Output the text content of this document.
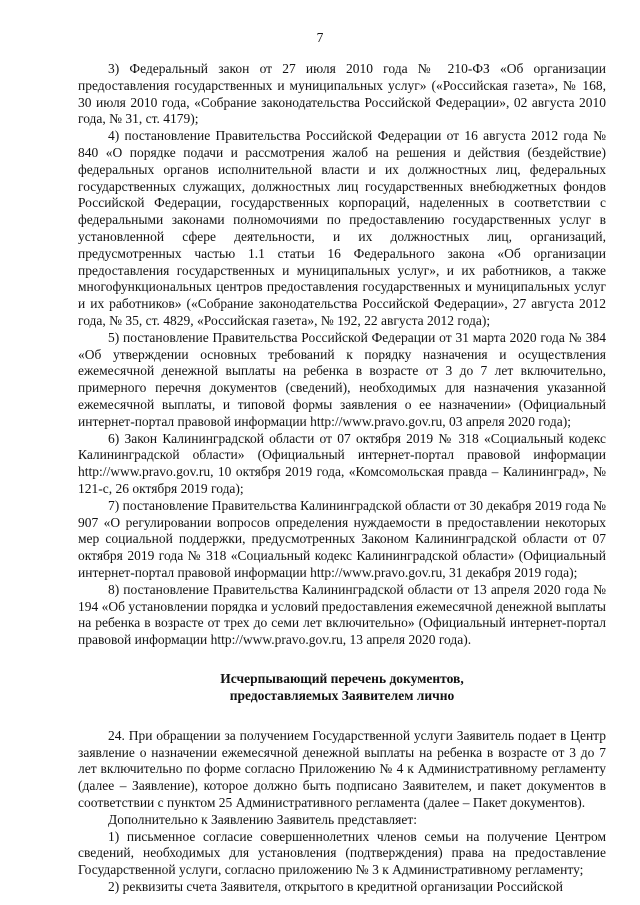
7

3) Федеральный закон от 27 июля 2010 года № 210-ФЗ «Об организации предоставления государственных и муниципальных услуг» («Российская газета», № 168, 30 июля 2010 года, «Собрание законодательства Российской Федерации», 02 августа 2010 года, № 31, ст. 4179);

4) постановление Правительства Российской Федерации от 16 августа 2012 года № 840 «О порядке подачи и рассмотрения жалоб на решения и действия (бездействие) федеральных органов исполнительной власти и их должностных лиц, федеральных государственных служащих, должностных лиц государственных внебюджетных фондов Российской Федерации, государственных корпораций, наделенных в соответствии с федеральными законами полномочиями по предоставлению государственных услуг в установленной сфере деятельности, и их должностных лиц, организаций, предусмотренных частью 1.1 статьи 16 Федерального закона «Об организации предоставления государственных и муниципальных услуг», и их работников, а также многофункциональных центров предоставления государственных и муниципальных услуг и их работников» («Собрание законодательства Российской Федерации», 27 августа 2012 года, № 35, ст. 4829, «Российская газета», № 192, 22 августа 2012 года);

5) постановление Правительства Российской Федерации от 31 марта 2020 года № 384 «Об утверждении основных требований к порядку назначения и осуществления ежемесячной денежной выплаты на ребенка в возрасте от 3 до 7 лет включительно, примерного перечня документов (сведений), необходимых для назначения указанной ежемесячной выплаты, и типовой формы заявления о ее назначении» (Официальный интернет-портал правовой информации http://www.pravo.gov.ru, 03 апреля 2020 года);

6) Закон Калининградской области от 07 октября 2019 № 318 «Социальный кодекс Калининградской области» (Официальный интернет-портал правовой информации http://www.pravo.gov.ru, 10 октября 2019 года, «Комсомольская правда – Калининград», № 121-с, 26 октября 2019 года);

7) постановление Правительства Калининградской области от 30 декабря 2019 года № 907 «О регулировании вопросов определения нуждаемости в предоставлении некоторых мер социальной поддержки, предусмотренных Законом Калининградской области от 07 октября 2019 года № 318 «Социальный кодекс Калининградской области» (Официальный интернет-портал правовой информации http://www.pravo.gov.ru, 31 декабря 2019 года);

8) постановление Правительства Калининградской области от 13 апреля 2020 года № 194 «Об установлении порядка и условий предоставления ежемесячной денежной выплаты на ребенка в возрасте от трех до семи лет включительно» (Официальный интернет-портал правовой информации http://www.pravo.gov.ru, 13 апреля 2020 года).

Исчерпывающий перечень документов,
предоставляемых Заявителем лично

24. При обращении за получением Государственной услуги Заявитель подает в Центр заявление о назначении ежемесячной денежной выплаты на ребенка в возрасте от 3 до 7 лет включительно по форме согласно Приложению № 4 к Административному регламенту (далее – Заявление), которое должно быть подписано Заявителем, и пакет документов в соответствии с пунктом 25 Административного регламента (далее – Пакет документов).

Дополнительно к Заявлению Заявитель представляет:

1) письменное согласие совершеннолетних членов семьи на получение Центром сведений, необходимых для установления (подтверждения) права на предоставление Государственной услуги, согласно приложению № 3 к Административному регламенту;

2) реквизиты счета Заявителя, открытого в кредитной организации Российской
